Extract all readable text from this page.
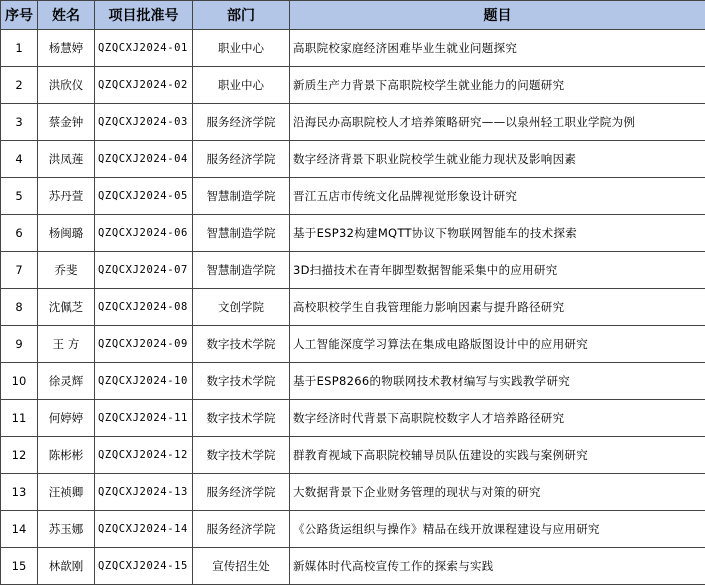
序号	姓名	项目批准号	部门	题目
1	杨慧婷	QZQCXJ2024-01	职业中心	高职院校家庭经济困难毕业生就业问题探究
2	洪欣仪	QZQCXJ2024-02	职业中心	新质生产力背景下高职院校学生就业能力的问题研究
3	蔡金钟	QZQCXJ2024-03	服务经济学院	沿海民办高职院校人才培养策略研究——以泉州轻工职业学院为例
4	洪凤莲	QZQCXJ2024-04	服务经济学院	数字经济背景下职业院校学生就业能力现状及影响因素
5	苏丹萱	QZQCXJ2024-05	智慧制造学院	晋江五店市传统文化品牌视觉形象设计研究
6	杨闽璐	QZQCXJ2024-06	智慧制造学院	基于ESP32构建MQTT协议下物联网智能车的技术探索
7	乔斐	QZQCXJ2024-07	智慧制造学院	3D扫描技术在青年脚型数据智能采集中的应用研究
8	沈佩芝	QZQCXJ2024-08	文创学院	高校职校学生自我管理能力影响因素与提升路径研究
9	王 方	QZQCXJ2024-09	数字技术学院	人工智能深度学习算法在集成电路版图设计中的应用研究
10	徐灵辉	QZQCXJ2024-10	数字技术学院	基于ESP8266的物联网技术教材编写与实践教学研究
11	何婷婷	QZQCXJ2024-11	数字技术学院	数字经济时代背景下高职院校数字人才培养路径研究
12	陈彬彬	QZQCXJ2024-12	数字技术学院	群教育视域下高职院校辅导员队伍建设的实践与案例研究
13	汪祯卿	QZQCXJ2024-13	服务经济学院	大数据背景下企业财务管理的现状与对策的研究
14	苏玉娜	QZQCXJ2024-14	服务经济学院	《公路货运组织与操作》精品在线开放课程建设与应用研究
15	林歆刚	QZQCXJ2024-15	宣传招生处	新媒体时代高校宣传工作的探索与实践
